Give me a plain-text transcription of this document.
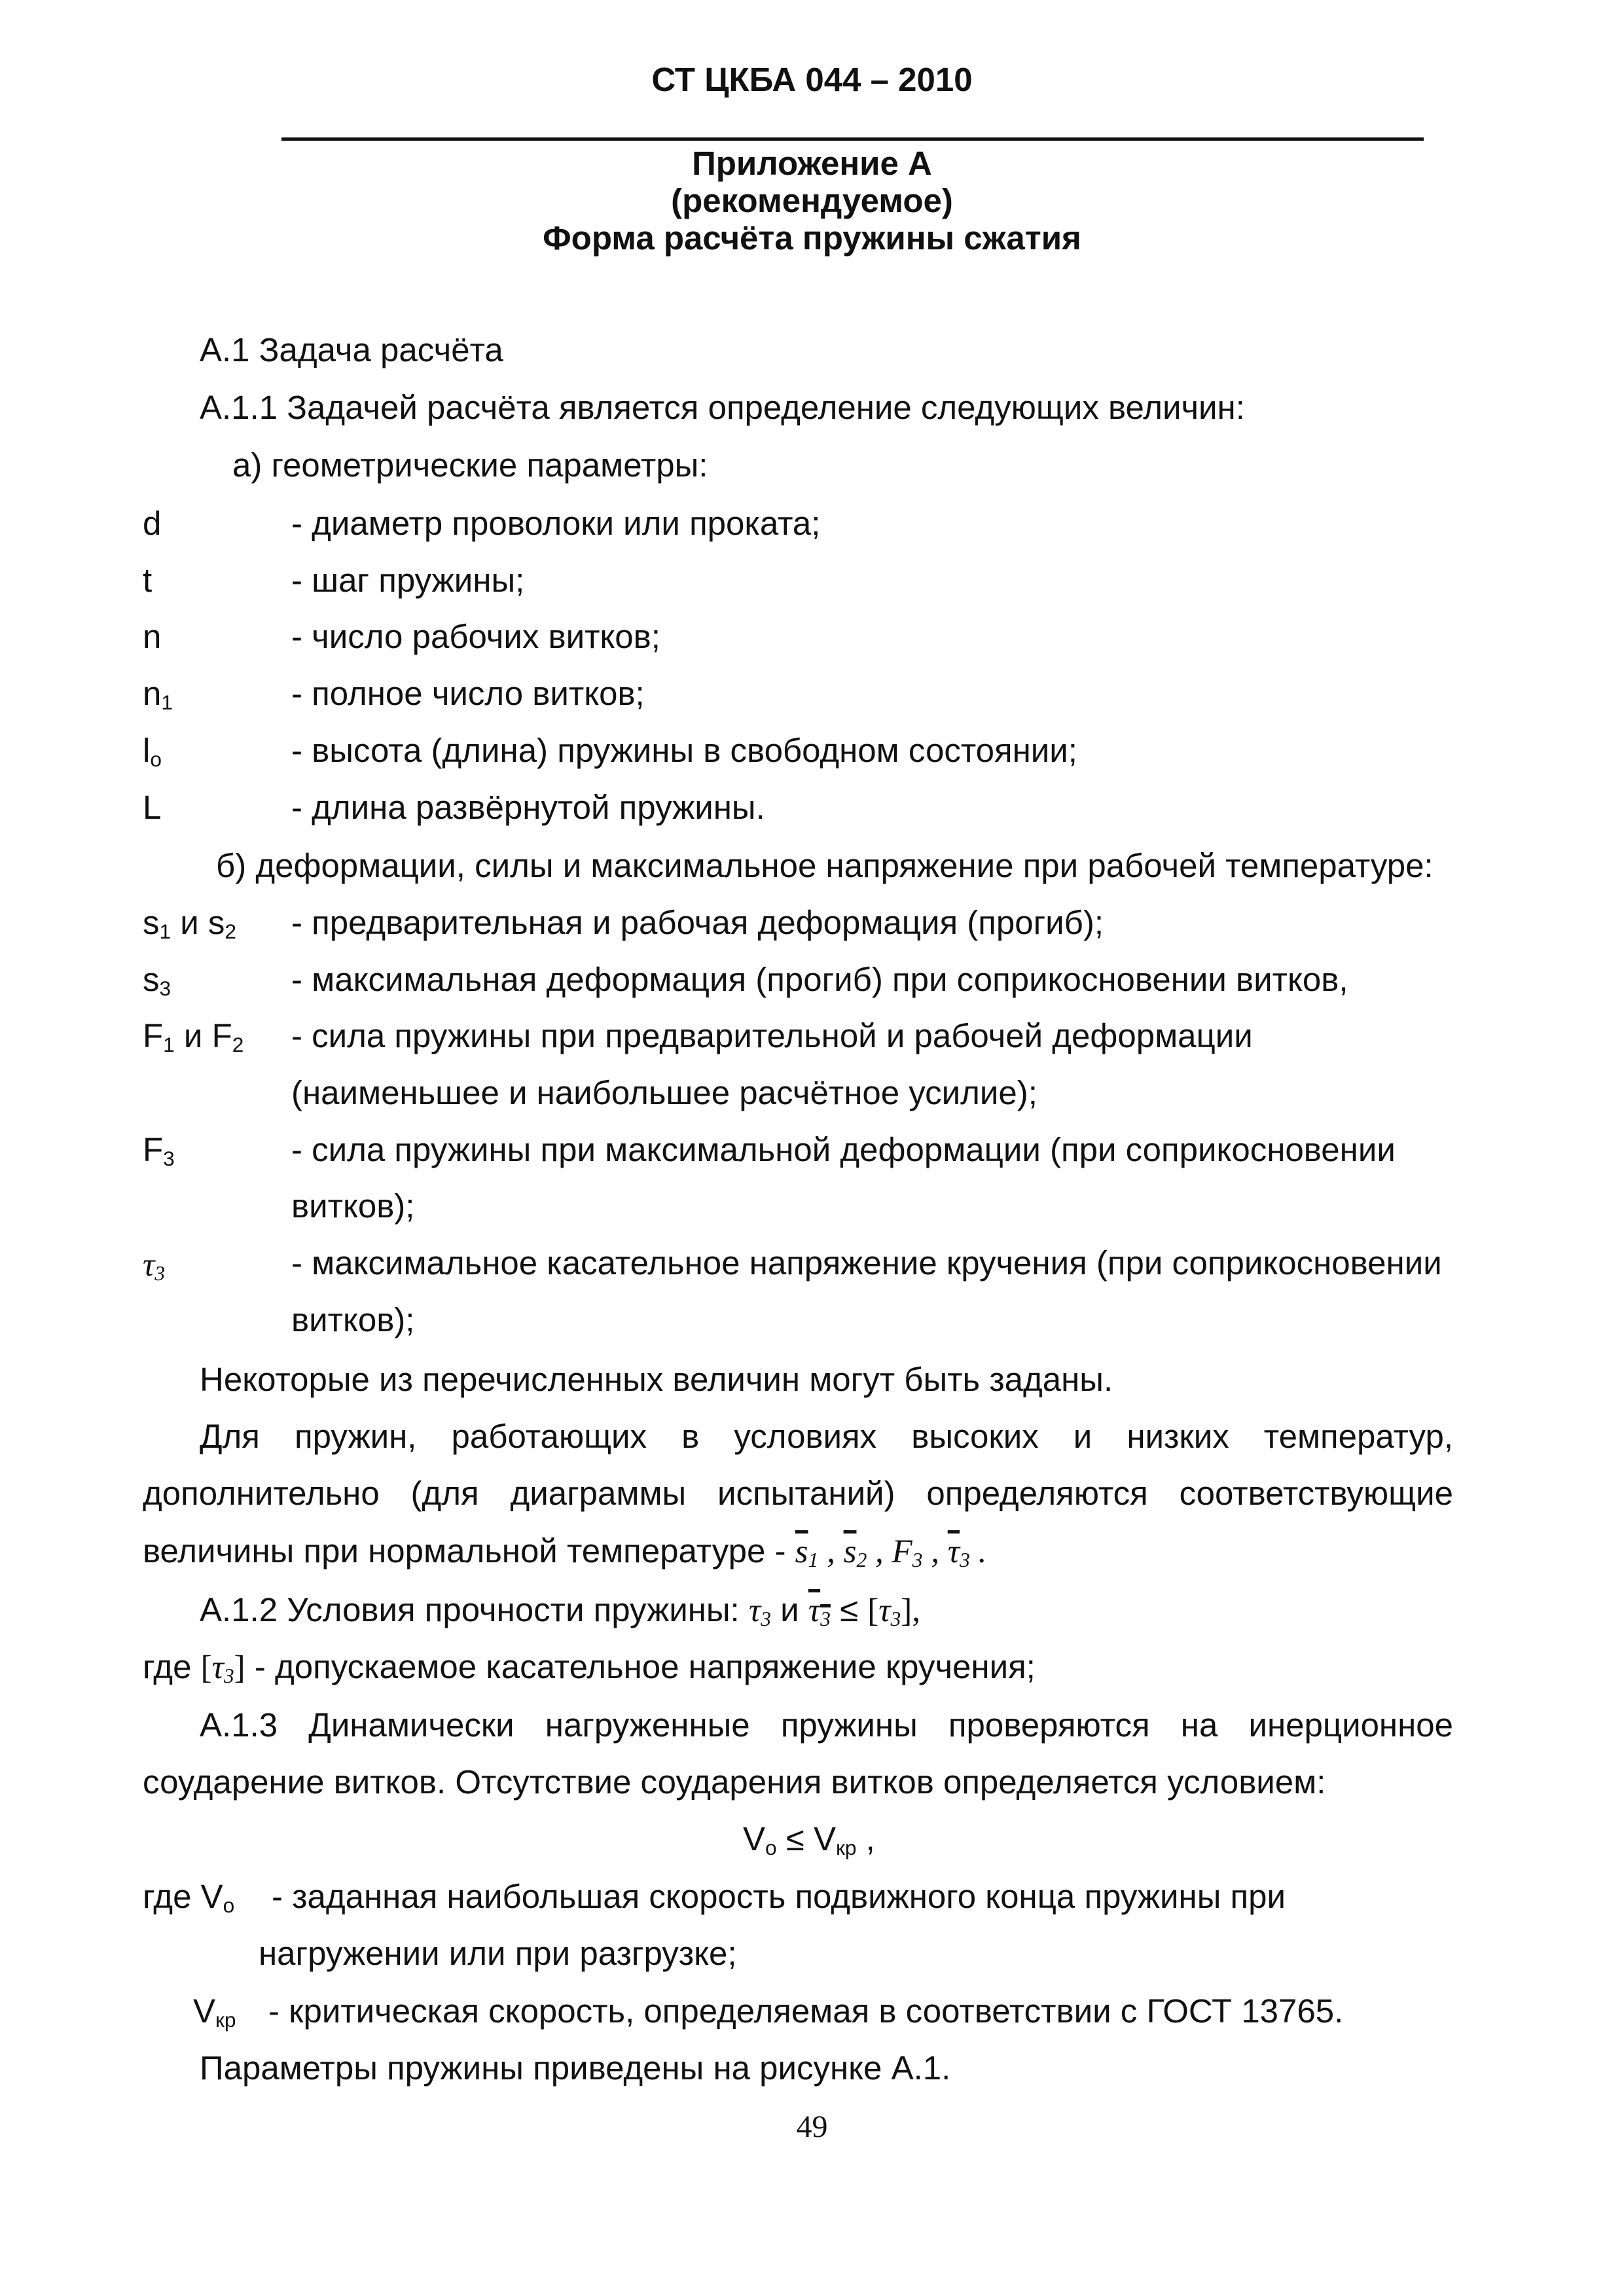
СТ ЦКБА 044 – 2010
Приложение А
(рекомендуемое)
Форма расчёта пружины сжатия
А.1 Задача расчёта
А.1.1 Задачей расчёта является определение следующих величин:
а) геометрические параметры:
d	- диаметр проволоки или проката;
t	- шаг пружины;
n	- число рабочих витков;
$n_1$	- полное число витков;
$l_o$	- высота (длина) пружины в свободном состоянии;
L	- длина развёрнутой пружины.
б) деформации, силы и максимальное напряжение при рабочей температуре:
$s_1$ и $s_2$ - предварительная и рабочая деформация (прогиб);
$s_3$	- максимальная деформация (прогиб) при соприкосновении витков,
$F_1$ и $F_2$ - сила пружины при предварительной и рабочей деформации
(наименьшее и наибольшее расчётное усилие);
$F_3$	- сила пружины при максимальной деформации (при соприкосновении
витков);
$\tau_3$	- максимальное касательное напряжение кручения (при соприкосновении
витков);
Некоторые из перечисленных величин могут быть заданы.
Для пружин, работающих в условиях высоких и низких температур,
дополнительно (для диаграммы испытаний) определяются соответствующие
величины при нормальной температуре - $\overline{s}_1$ , $\overline{s}_2$ , $F_3$ , $\overline{\tau}_3$ .
А.1.2 Условия прочности пружины: $\tau_3$ и $\tau_3 \le [\tau_3]$,
где $[\tau_3]$ - допускаемое касательное напряжение кручения;
А.1.3 Динамически нагруженные пружины проверяются на инерционное
соударение витков. Отсутствие соударения витков определяется условием:
$V_o \le V_{кр}$ ,
где $V_o$ - заданная наибольшая скорость подвижного конца пружины при
нагружении или при разгрузке;
$V_{кр}$ - критическая скорость, определяемая в соответствии с ГОСТ 13765.
Параметры пружины приведены на рисунке А.1.
49
